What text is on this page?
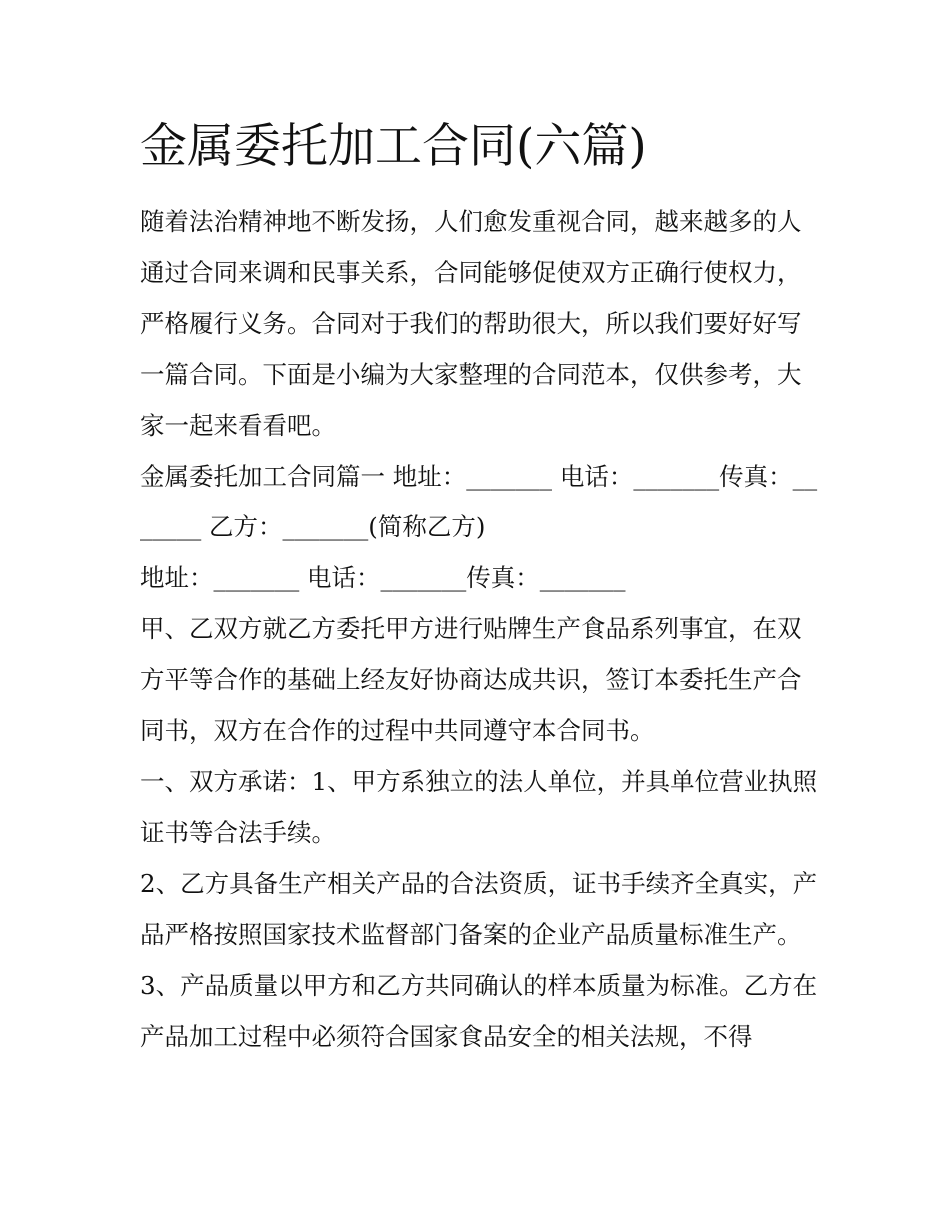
金属委托加工合同(六篇)

随着法治精神地不断发扬，人们愈发重视合同，越来越多的人通过合同来调和民事关系，合同能够促使双方正确行使权力，严格履行义务。合同对于我们的帮助很大，所以我们要好好写一篇合同。下面是小编为大家整理的合同范本，仅供参考，大家一起来看看吧。

金属委托加工合同篇一 地址：_______ 电话：_______传真：_______ 乙方：_______(简称乙方)

地址：_______ 电话：_______传真：_______

甲、乙双方就乙方委托甲方进行贴牌生产食品系列事宜，在双方平等合作的基础上经友好协商达成共识，签订本委托生产合同书，双方在合作的过程中共同遵守本合同书。

一、双方承诺：1、甲方系独立的法人单位，并具单位营业执照证书等合法手续。

2、乙方具备生产相关产品的合法资质，证书手续齐全真实，产品严格按照国家技术监督部门备案的企业产品质量标准生产。

3、产品质量以甲方和乙方共同确认的样本质量为标准。乙方在产品加工过程中必须符合国家食品安全的相关法规，不得
